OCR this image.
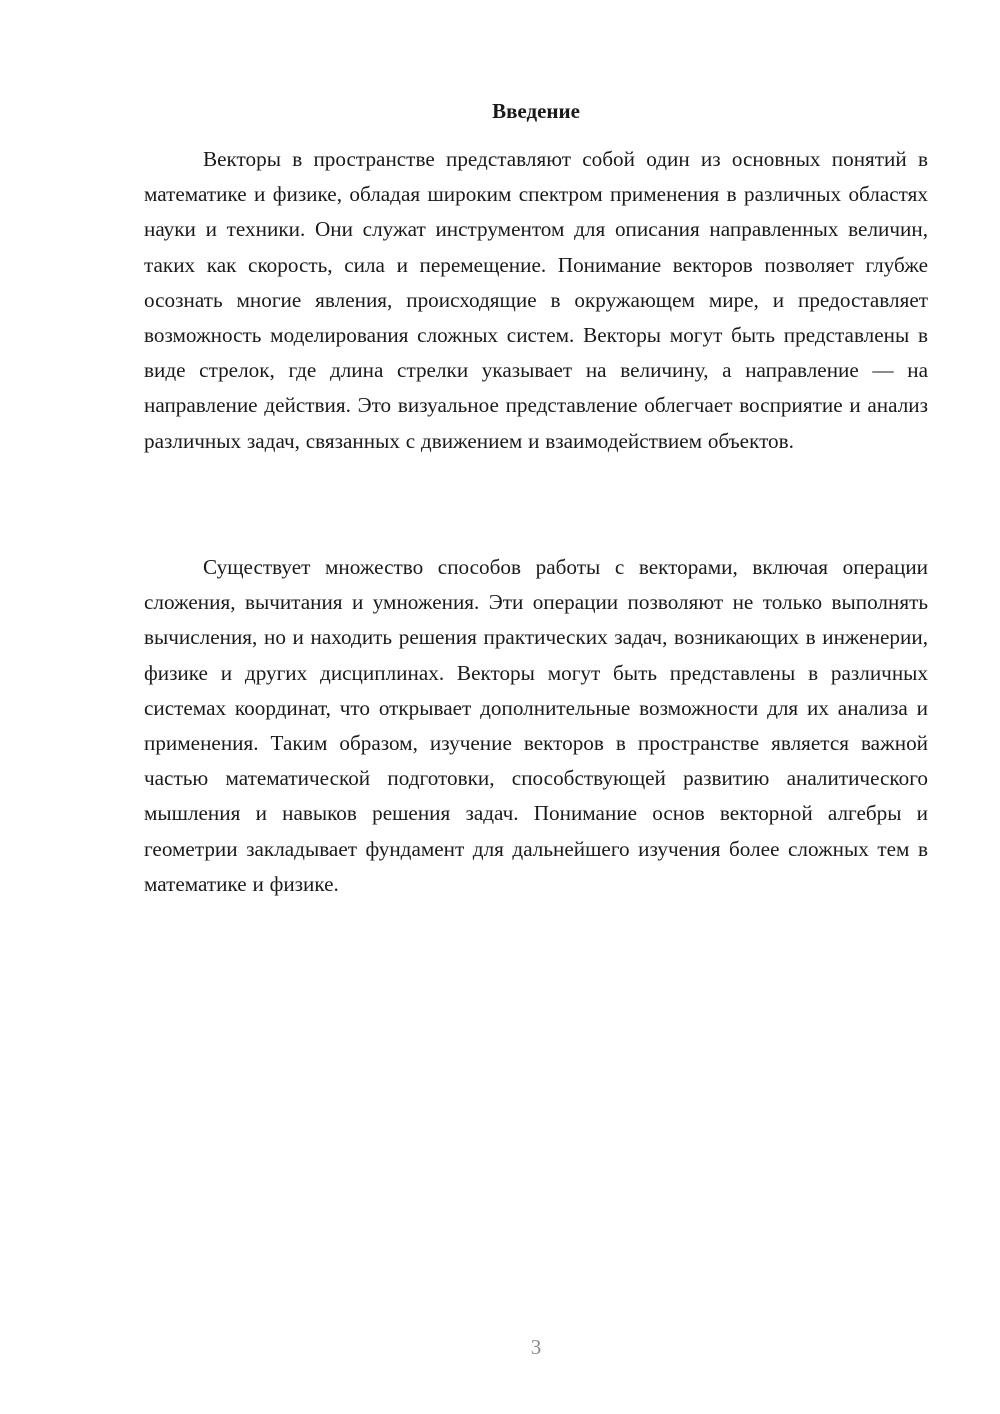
Введение

Векторы в пространстве представляют собой один из основных понятий в математике и физике, обладая широким спектром применения в различных областях науки и техники. Они служат инструментом для описания направленных величин, таких как скорость, сила и перемещение. Понимание векторов позволяет глубже осознать многие явления, происходящие в окружающем мире, и предоставляет возможность моделирования сложных систем. Векторы могут быть представлены в виде стрелок, где длина стрелки указывает на величину, а направление — на направление действия. Это визуальное представление облегчает восприятие и анализ различных задач, связанных с движением и взаимодействием объектов.

Существует множество способов работы с векторами, включая операции сложения, вычитания и умножения. Эти операции позволяют не только выполнять вычисления, но и находить решения практических задач, возникающих в инженерии, физике и других дисциплинах. Векторы могут быть представлены в различных системах координат, что открывает дополнительные возможности для их анализа и применения. Таким образом, изучение векторов в пространстве является важной частью математической подготовки, способствующей развитию аналитического мышления и навыков решения задач. Понимание основ векторной алгебры и геометрии закладывает фундамент для дальнейшего изучения более сложных тем в математике и физике.

3
